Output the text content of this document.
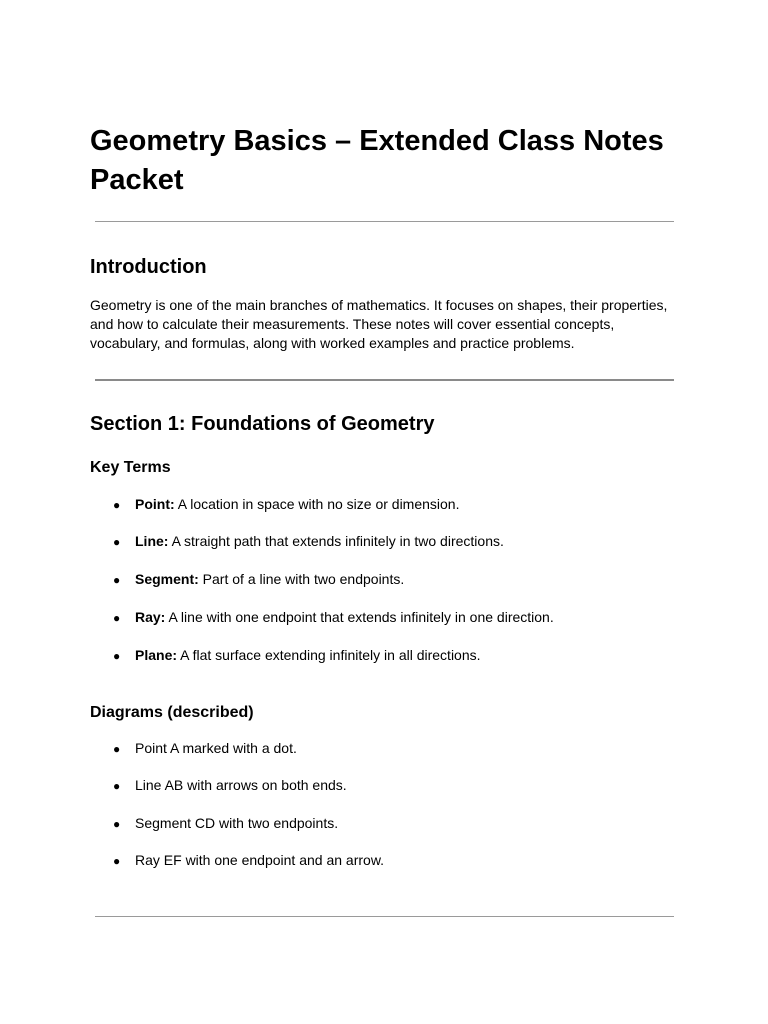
Geometry Basics – Extended Class Notes Packet
Introduction

Geometry is one of the main branches of mathematics. It focuses on shapes, their properties, and how to calculate their measurements. These notes will cover essential concepts, vocabulary, and formulas, along with worked examples and practice problems.

Section 1: Foundations of Geometry
Key Terms
● Point: A location in space with no size or dimension.
● Line: A straight path that extends infinitely in two directions.
● Segment: Part of a line with two endpoints.
● Ray: A line with one endpoint that extends infinitely in one direction.
● Plane: A flat surface extending infinitely in all directions.
Diagrams (described)
● Point A marked with a dot.
● Line AB with arrows on both ends.
● Segment CD with two endpoints.
● Ray EF with one endpoint and an arrow.
